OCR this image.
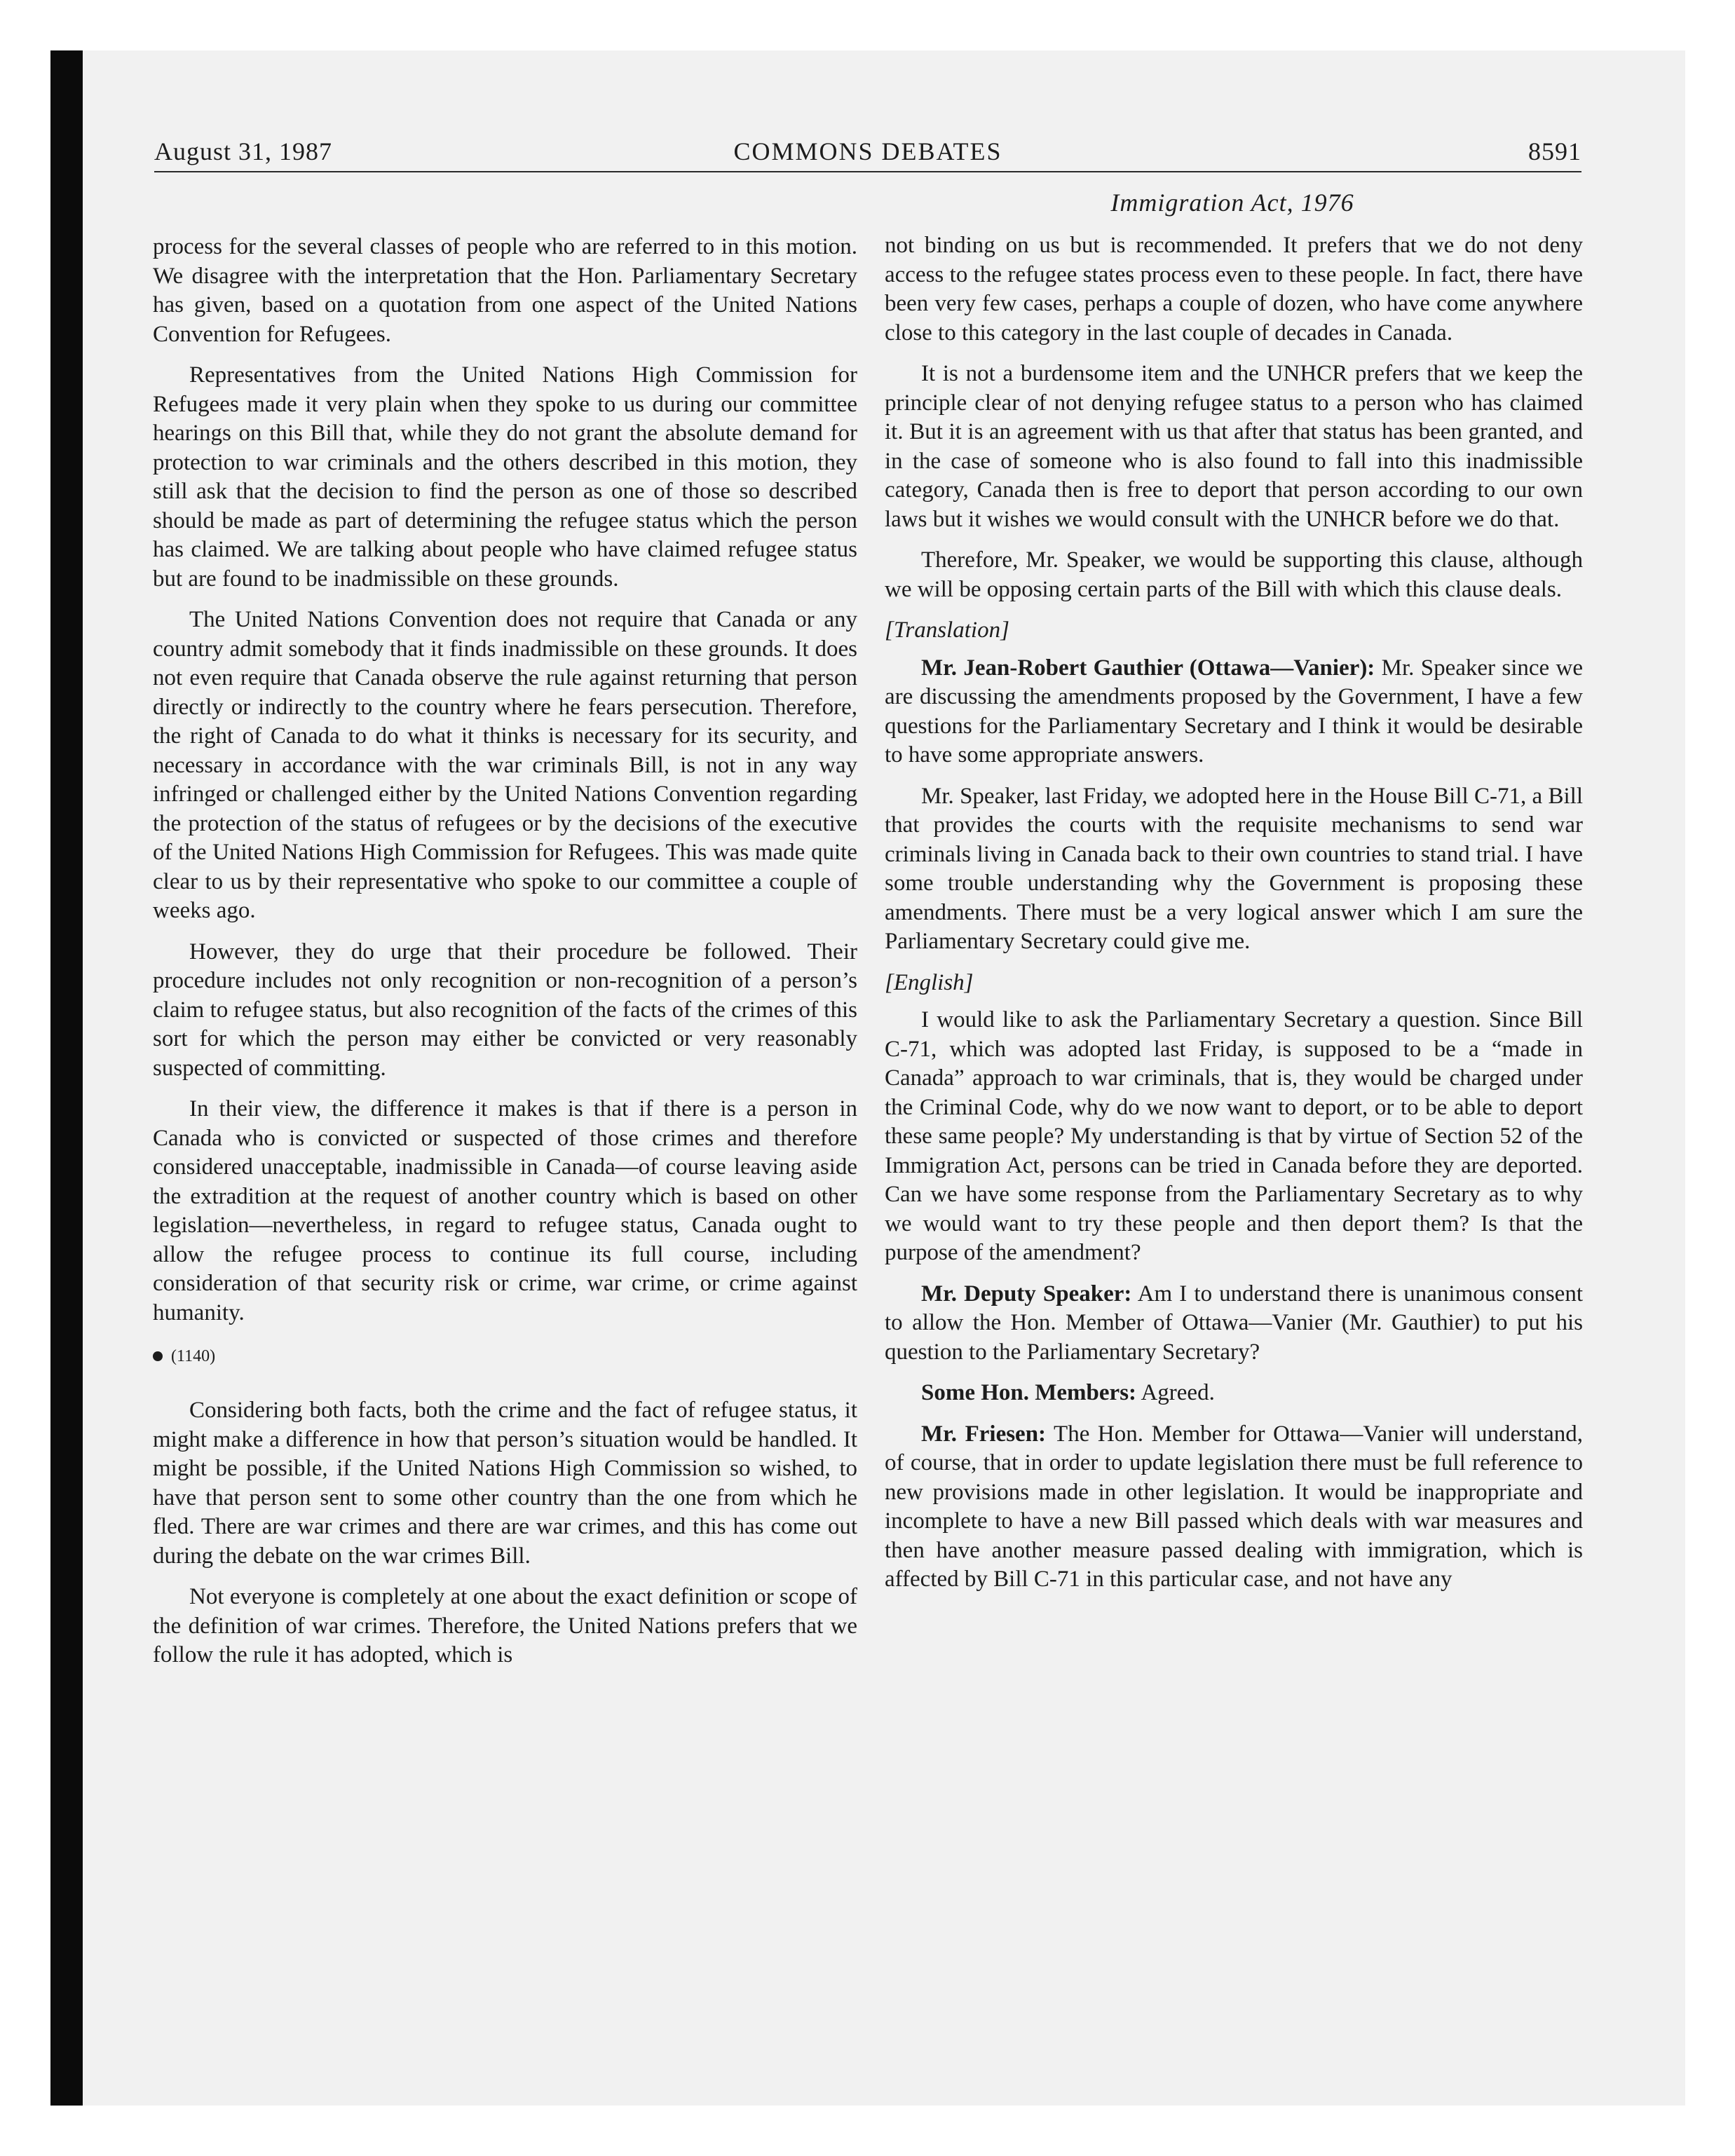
August 31, 1987	COMMONS DEBATES	8591
Immigration Act, 1976

process for the several classes of people who are referred to in this motion. We disagree with the interpretation that the Hon. Parliamentary Secretary has given, based on a quotation from one aspect of the United Nations Convention for Refugees.

Representatives from the United Nations High Commission for Refugees made it very plain when they spoke to us during our committee hearings on this Bill that, while they do not grant the absolute demand for protection to war criminals and the others described in this motion, they still ask that the decision to find the person as one of those so described should be made as part of determining the refugee status which the person has claimed. We are talking about people who have claimed refugee status but are found to be inadmissible on these grounds.

The United Nations Convention does not require that Canada or any country admit somebody that it finds inadmissible on these grounds. It does not even require that Canada observe the rule against returning that person directly or indirectly to the country where he fears persecution. Therefore, the right of Canada to do what it thinks is necessary for its security, and necessary in accordance with the war criminals Bill, is not in any way infringed or challenged either by the United Nations Convention regarding the protection of the status of refugees or by the decisions of the executive of the United Nations High Commission for Refugees. This was made quite clear to us by their representative who spoke to our committee a couple of weeks ago.

However, they do urge that their procedure be followed. Their procedure includes not only recognition or non-recognition of a person’s claim to refugee status, but also recognition of the facts of the crimes of this sort for which the person may either be convicted or very reasonably suspected of committing.

In their view, the difference it makes is that if there is a person in Canada who is convicted or suspected of those crimes and therefore considered unacceptable, inadmissible in Canada—of course leaving aside the extradition at the request of another country which is based on other legislation—nevertheless, in regard to refugee status, Canada ought to allow the refugee process to continue its full course, including consideration of that security risk or crime, war crime, or crime against humanity.

(1140)

Considering both facts, both the crime and the fact of refugee status, it might make a difference in how that person’s situation would be handled. It might be possible, if the United Nations High Commission so wished, to have that person sent to some other country than the one from which he fled. There are war crimes and there are war crimes, and this has come out during the debate on the war crimes Bill.

Not everyone is completely at one about the exact definition or scope of the definition of war crimes. Therefore, the United Nations prefers that we follow the rule it has adopted, which is

not binding on us but is recommended. It prefers that we do not deny access to the refugee states process even to these people. In fact, there have been very few cases, perhaps a couple of dozen, who have come anywhere close to this category in the last couple of decades in Canada.

It is not a burdensome item and the UNHCR prefers that we keep the principle clear of not denying refugee status to a person who has claimed it. But it is an agreement with us that after that status has been granted, and in the case of someone who is also found to fall into this inadmissible category, Canada then is free to deport that person according to our own laws but it wishes we would consult with the UNHCR before we do that.

Therefore, Mr. Speaker, we would be supporting this clause, although we will be opposing certain parts of the Bill with which this clause deals.

[Translation]

Mr. Jean-Robert Gauthier (Ottawa—Vanier): Mr. Speaker since we are discussing the amendments proposed by the Government, I have a few questions for the Parliamentary Secretary and I think it would be desirable to have some appropriate answers.

Mr. Speaker, last Friday, we adopted here in the House Bill C-71, a Bill that provides the courts with the requisite mechanisms to send war criminals living in Canada back to their own countries to stand trial. I have some trouble understanding why the Government is proposing these amendments. There must be a very logical answer which I am sure the Parliamentary Secretary could give me.

[English]

I would like to ask the Parliamentary Secretary a question. Since Bill C-71, which was adopted last Friday, is supposed to be a “made in Canada” approach to war criminals, that is, they would be charged under the Criminal Code, why do we now want to deport, or to be able to deport these same people? My understanding is that by virtue of Section 52 of the Immigration Act, persons can be tried in Canada before they are deported. Can we have some response from the Parliamentary Secretary as to why we would want to try these people and then deport them? Is that the purpose of the amendment?

Mr. Deputy Speaker: Am I to understand there is unanimous consent to allow the Hon. Member of Ottawa—Vanier (Mr. Gauthier) to put his question to the Parliamentary Secretary?

Some Hon. Members: Agreed.

Mr. Friesen: The Hon. Member for Ottawa—Vanier will understand, of course, that in order to update legislation there must be full reference to new provisions made in other legislation. It would be inappropriate and incomplete to have a new Bill passed which deals with war measures and then have another measure passed dealing with immigration, which is affected by Bill C-71 in this particular case, and not have any
